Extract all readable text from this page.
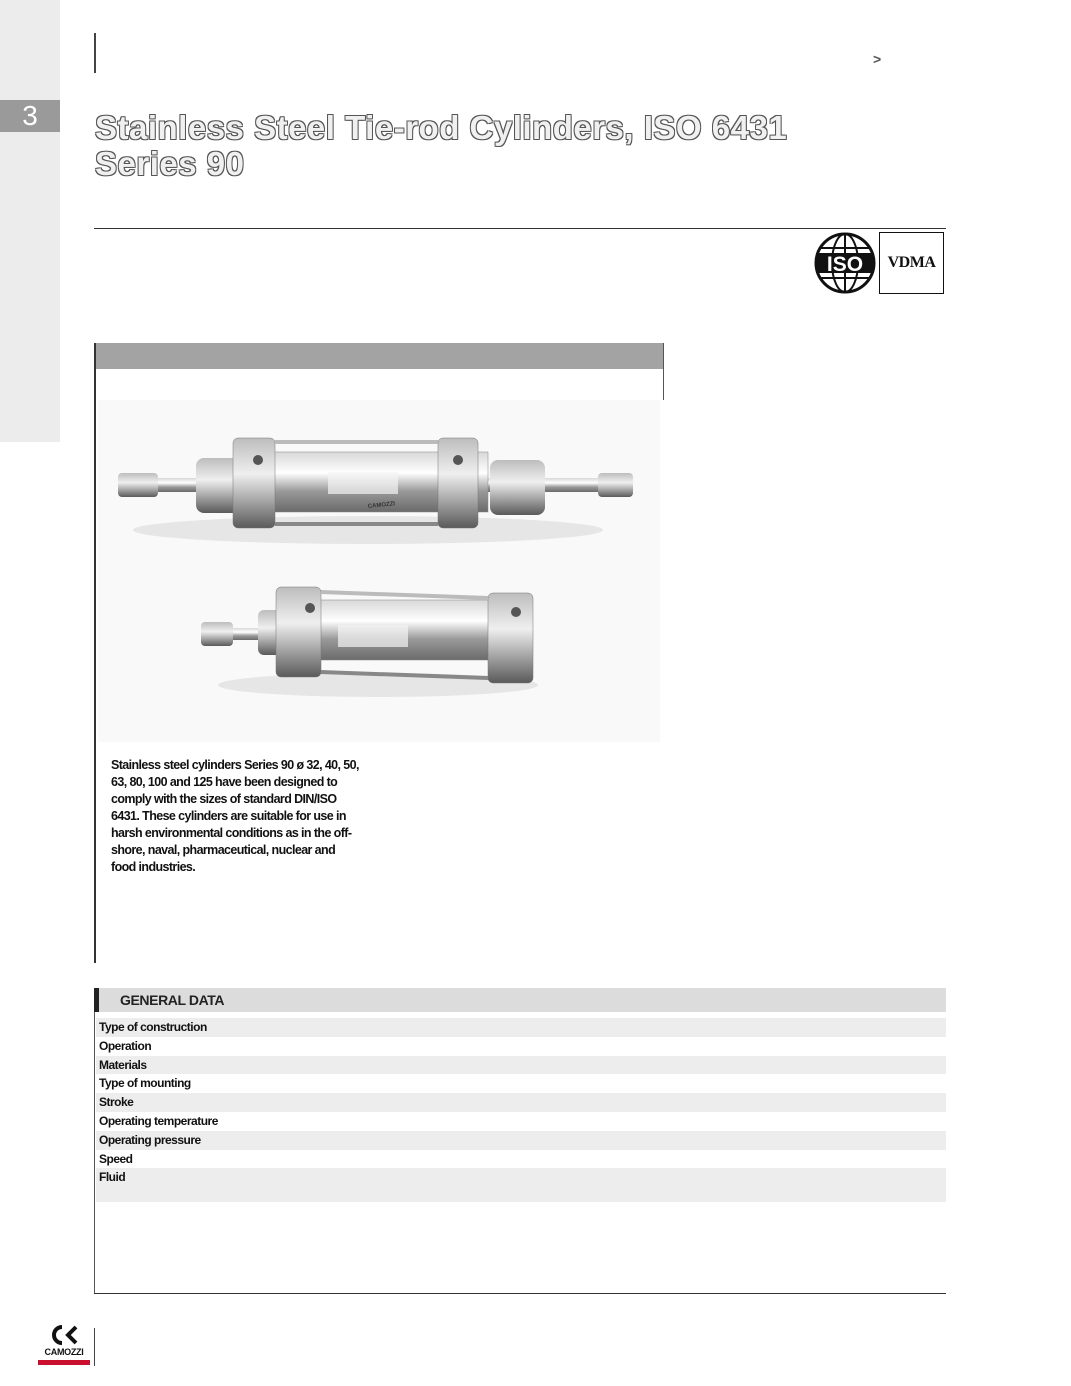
3
>
Stainless Steel Tie-rod Cylinders, ISO 6431
Series 90
ISO	VDMA
CAMOZZI

Stainless steel cylinders Series 90 ø 32, 40, 50, 63, 80, 100 and 125 have been designed to comply with the sizes of standard DIN/ISO 6431. These cylinders are suitable for use in harsh environmental conditions as in the off-shore, naval, pharmaceutical, nuclear and food industries.

GENERAL DATA
Type of construction
Operation
Materials
Type of mounting
Stroke
Operating temperature
Operating pressure
Speed
Fluid
CAMOZZI
